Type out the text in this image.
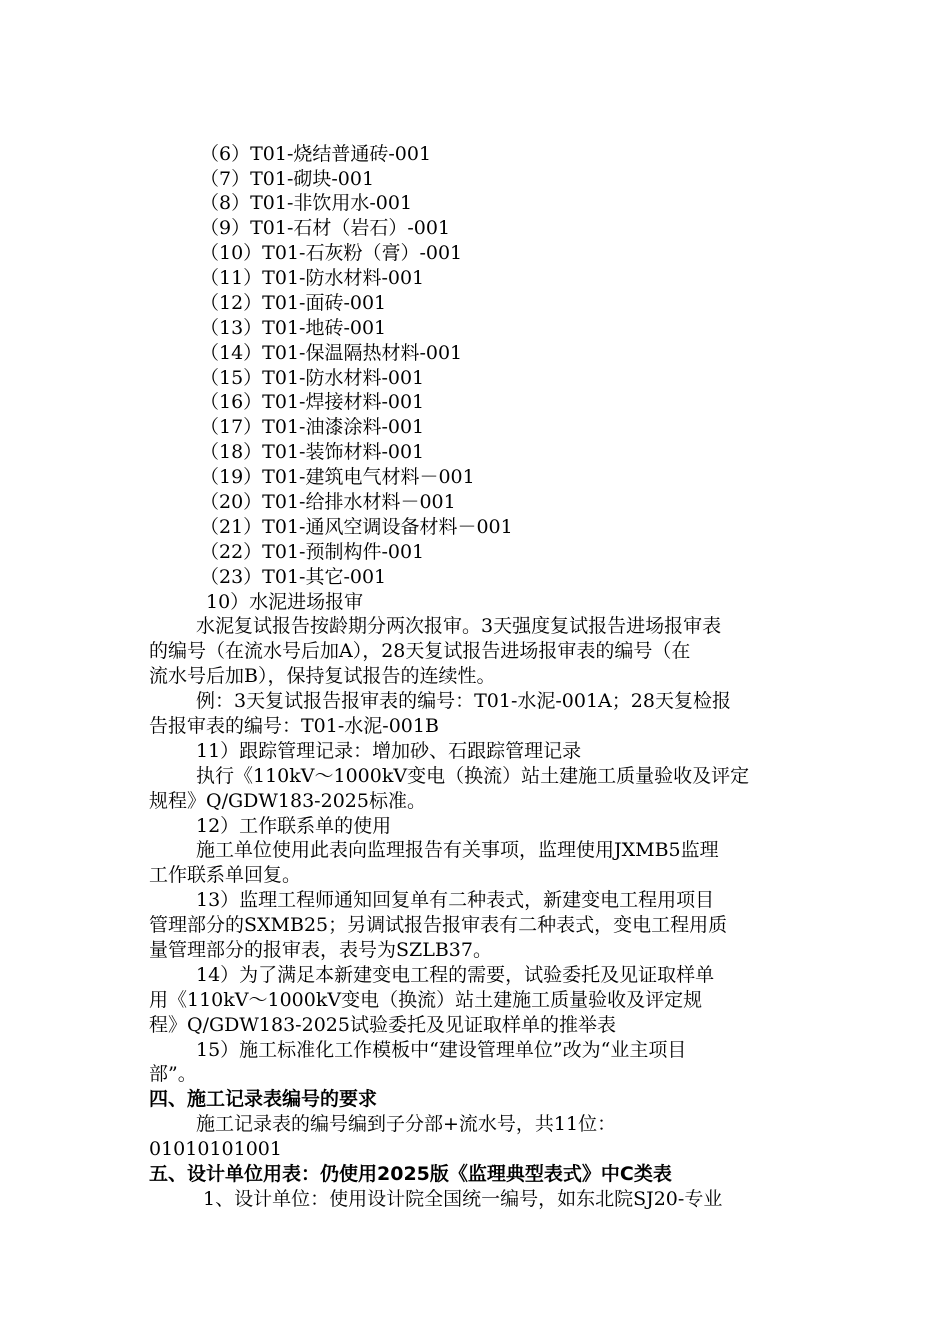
（6）T01-烧结普通砖-001
（7）T01-砌块-001
（8）T01-非饮用水-001
（9）T01-石材（岩石）-001
（10）T01-石灰粉（膏）-001
（11）T01-防水材料-001
（12）T01-面砖-001
（13）T01-地砖-001
（14）T01-保温隔热材料-001
（15）T01-防水材料-001
（16）T01-焊接材料-001
（17）T01-油漆涂料-001
（18）T01-装饰材料-001
（19）T01-建筑电气材料－001
（20）T01-给排水材料－001
（21）T01-通风空调设备材料－001
（22）T01-预制构件-001
（23）T01-其它-001
10）水泥进场报审
水泥复试报告按龄期分两次报审。3天强度复试报告进场报审表
的编号（在流水号后加A），28天复试报告进场报审表的编号（在
流水号后加B），保持复试报告的连续性。
例：3天复试报告报审表的编号：T01-水泥-001A；28天复检报
告报审表的编号：T01-水泥-001B
11）跟踪管理记录：增加砂、石跟踪管理记录
执行《110kV～1000kV变电（换流）站土建施工质量验收及评定
规程》Q/GDW183-2025标准。
12）工作联系单的使用
施工单位使用此表向监理报告有关事项，监理使用JXMB5监理
工作联系单回复。
13）监理工程师通知回复单有二种表式，新建变电工程用项目
管理部分的SXMB25；另调试报告报审表有二种表式，变电工程用质
量管理部分的报审表，表号为SZLB37。
14）为了满足本新建变电工程的需要，试验委托及见证取样单
用《110kV～1000kV变电（换流）站土建施工质量验收及评定规
程》Q/GDW183-2025试验委托及见证取样单的推举表
15）施工标准化工作模板中“建设管理单位”改为“业主项目
部”。
四、施工记录表编号的要求
施工记录表的编号编到子分部+流水号，共11位：
01010101001
五、设计单位用表：仍使用2025版《监理典型表式》中C类表
1、设计单位：使用设计院全国统一编号，如东北院SJ20-专业
